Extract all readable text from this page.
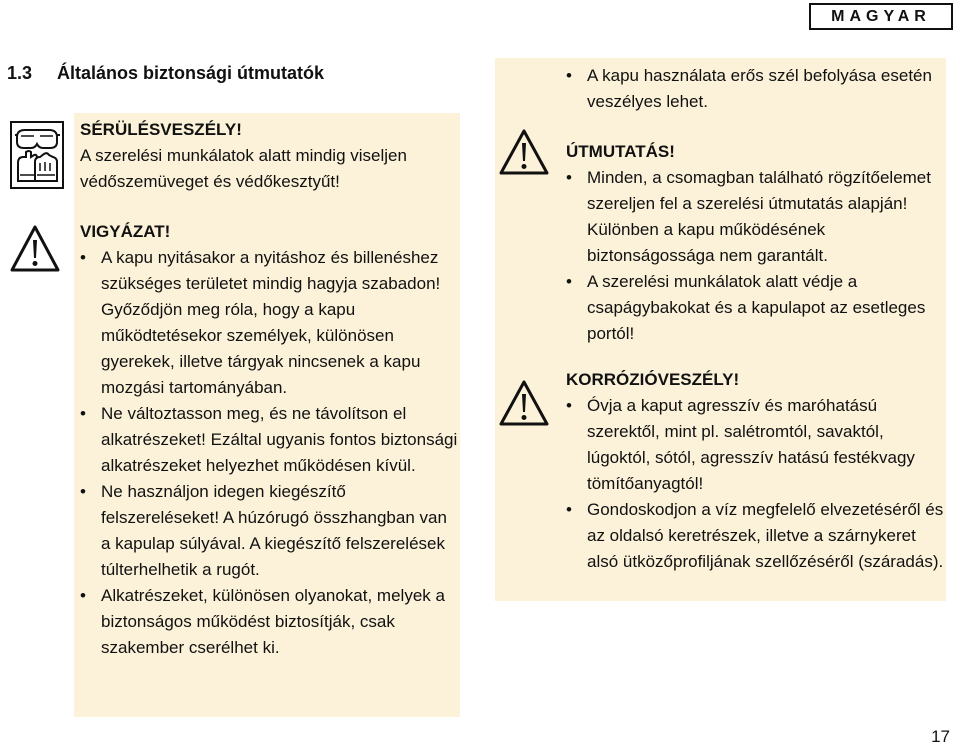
MAGYAR
1.3 Általános biztonsági útmutatók
SÉRÜLÉSVESZÉLY!

A szerelési munkálatok alatt mindig viseljen védőszemüveget és védőkesztyűt!

VIGYÁZAT!
• A kapu nyitásakor a nyitáshoz és billenéshez szükséges területet mindig hagyja szabadon! Győződjön meg róla, hogy a kapu működtetésekor személyek, különösen gyerekek, illetve tárgyak nincsenek a kapu mozgási tartományában.
• Ne változtasson meg, és ne távolítson el alkatrészeket! Ezáltal ugyanis fontos biztonsági alkatrészeket helyezhet működésen kívül.
• Ne használjon idegen kiegészítő felszereléseket! A húzórugó összhangban van a kapulap súlyával. A kiegészítő felszerelések túlterhelhetik a rugót.
• Alkatrészeket, különösen olyanokat, melyek a biztonságos működést biztosítják, csak szakember cserélhet ki.
• A kapu használata erős szél befolyása esetén veszélyes lehet.
ÚTMUTATÁS!
• Minden, a csomagban található rögzítőelemet szereljen fel a szerelési útmutatás alapján! Különben a kapu működésének biztonságossága nem garantált.
• A szerelési munkálatok alatt védje a csapágybakokat és a kapulapot az esetleges portól!
KORRÓZIÓVESZÉLY!
• Óvja a kaput agresszív és maróhatású szerektől, mint pl. salétromtól, savaktól, lúgoktól, sótól, agresszív hatású festékvagy tömítőanyagtól!
• Gondoskodjon a víz megfelelő elvezetéséről és az oldalsó keretrészek, illetve a szárnykeret alsó ütközőprofiljának szellőzéséről (száradás).
17
